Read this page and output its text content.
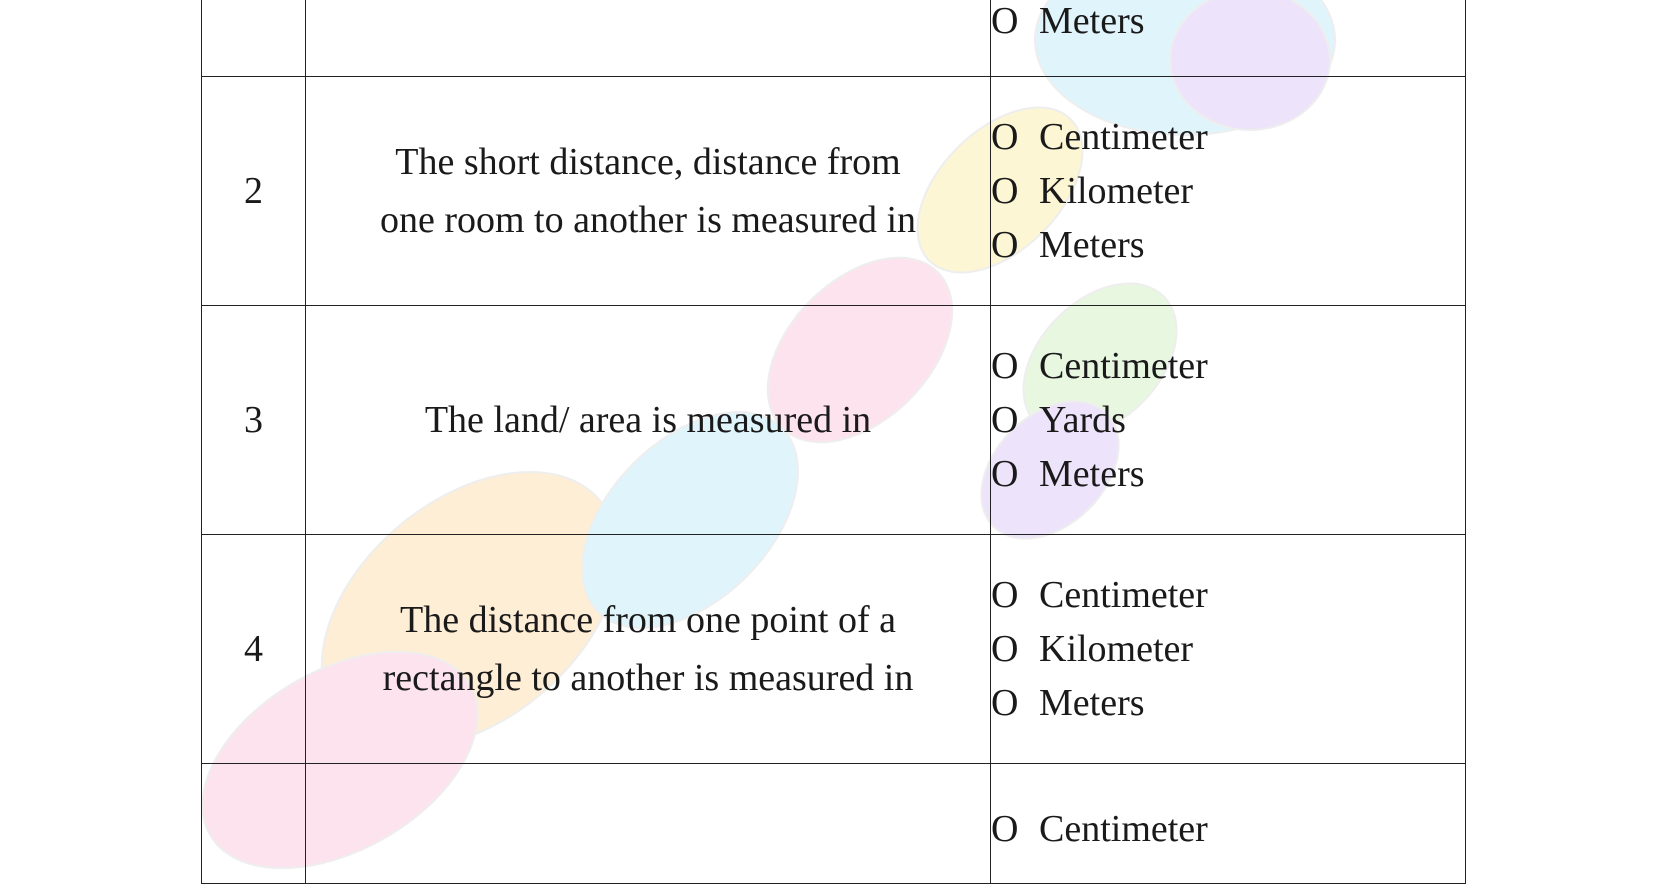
		O Meters

2	The short distance, distance from
one room to another is measured in	O Centimeter
O Kilometer
O Meters

3	The land/ area is measured in	O Centimeter
O Yards
O Meters

4	The distance from one point of a
rectangle to another is measured in	O Centimeter
O Kilometer
O Meters

		O Centimeter
